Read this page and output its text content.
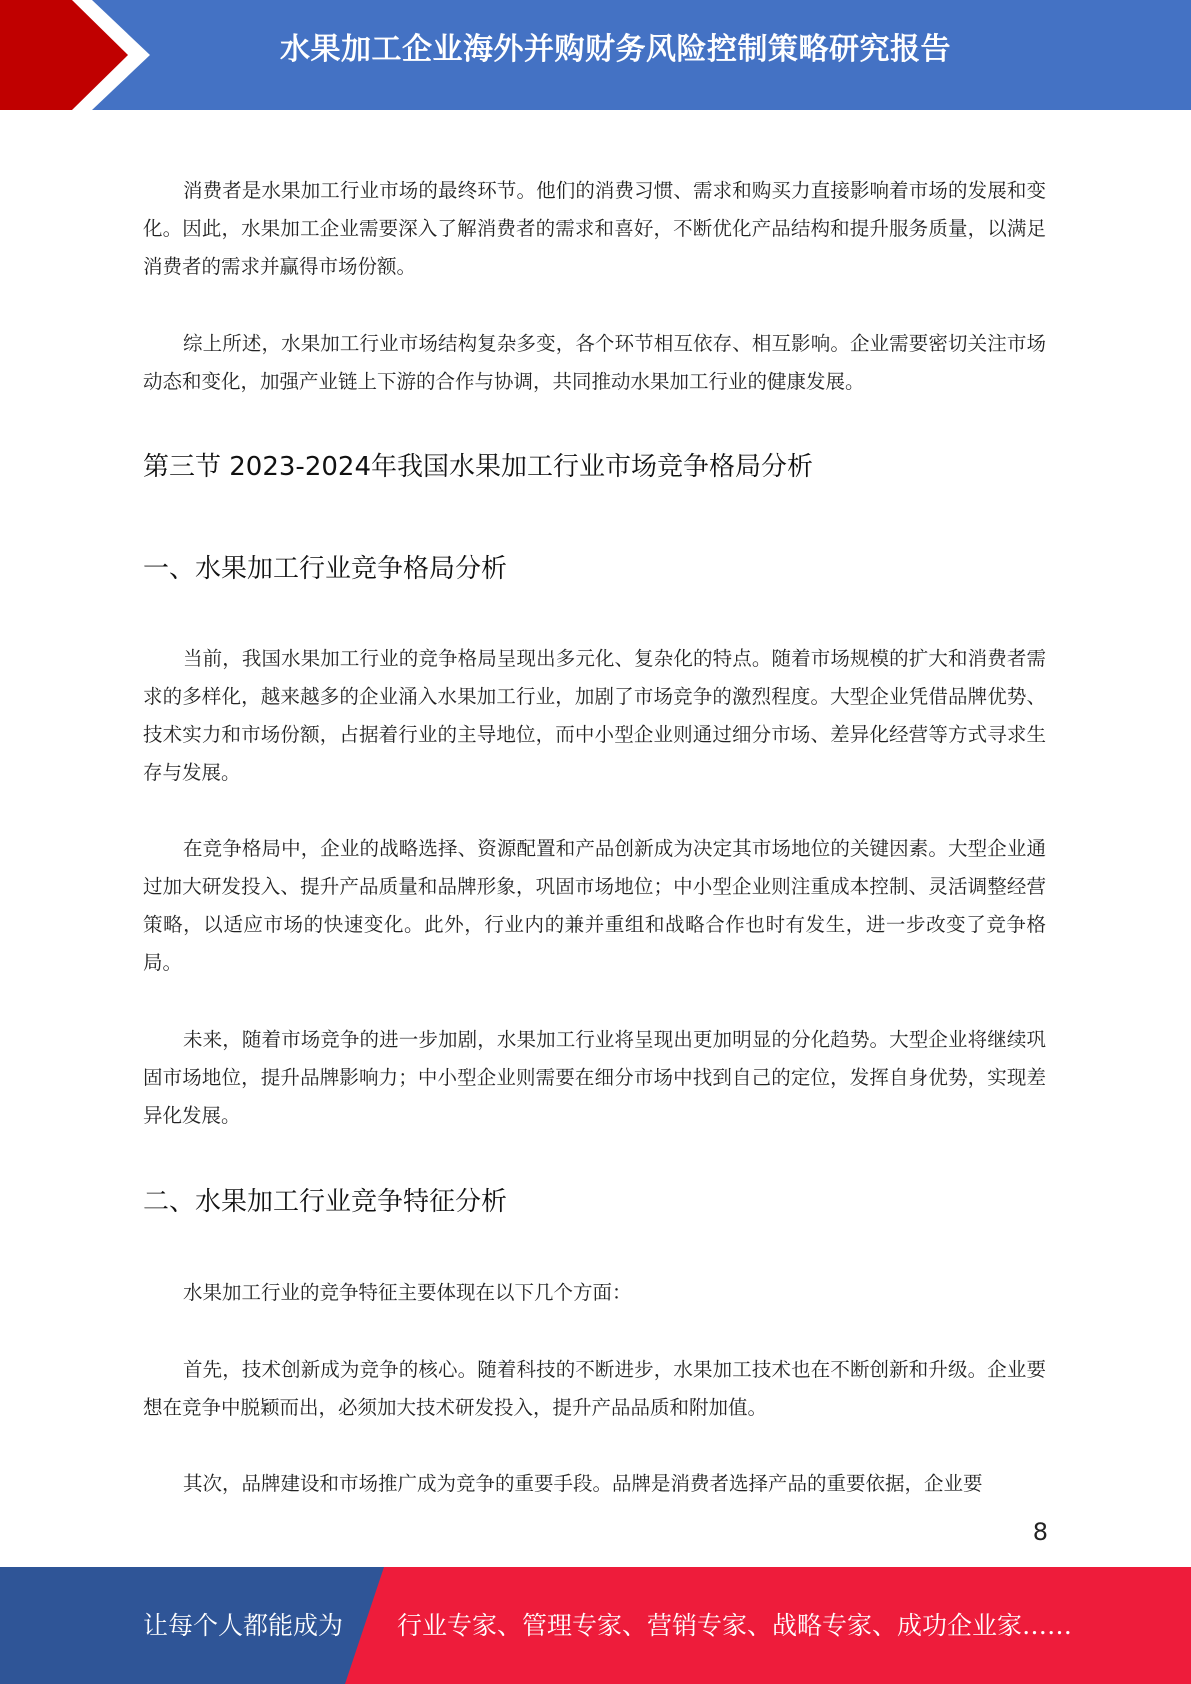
水果加工企业海外并购财务风险控制策略研究报告

消费者是水果加工行业市场的最终环节。他们的消费习惯、需求和购买力直接影响着市场的发展和变化。因此，水果加工企业需要深入了解消费者的需求和喜好，不断优化产品结构和提升服务质量，以满足消费者的需求并赢得市场份额。

综上所述，水果加工行业市场结构复杂多变，各个环节相互依存、相互影响。企业需要密切关注市场动态和变化，加强产业链上下游的合作与协调，共同推动水果加工行业的健康发展。

第三节 2023-2024年我国水果加工行业市场竞争格局分析
一、水果加工行业竞争格局分析

当前，我国水果加工行业的竞争格局呈现出多元化、复杂化的特点。随着市场规模的扩大和消费者需求的多样化，越来越多的企业涌入水果加工行业，加剧了市场竞争的激烈程度。大型企业凭借品牌优势、技术实力和市场份额，占据着行业的主导地位，而中小型企业则通过细分市场、差异化经营等方式寻求生存与发展。

在竞争格局中，企业的战略选择、资源配置和产品创新成为决定其市场地位的关键因素。大型企业通过加大研发投入、提升产品质量和品牌形象，巩固市场地位；中小型企业则注重成本控制、灵活调整经营策略，以适应市场的快速变化。此外，行业内的兼并重组和战略合作也时有发生，进一步改变了竞争格局。

未来，随着市场竞争的进一步加剧，水果加工行业将呈现出更加明显的分化趋势。大型企业将继续巩固市场地位，提升品牌影响力；中小型企业则需要在细分市场中找到自己的定位，发挥自身优势，实现差异化发展。

二、水果加工行业竞争特征分析

水果加工行业的竞争特征主要体现在以下几个方面：

首先，技术创新成为竞争的核心。随着科技的不断进步，水果加工技术也在不断创新和升级。企业要想在竞争中脱颖而出，必须加大技术研发投入，提升产品品质和附加值。

其次，品牌建设和市场推广成为竞争的重要手段。品牌是消费者选择产品的重要依据，企业要

8
让每个人都能成为 行业专家、管理专家、营销专家、战略专家、成功企业家……
